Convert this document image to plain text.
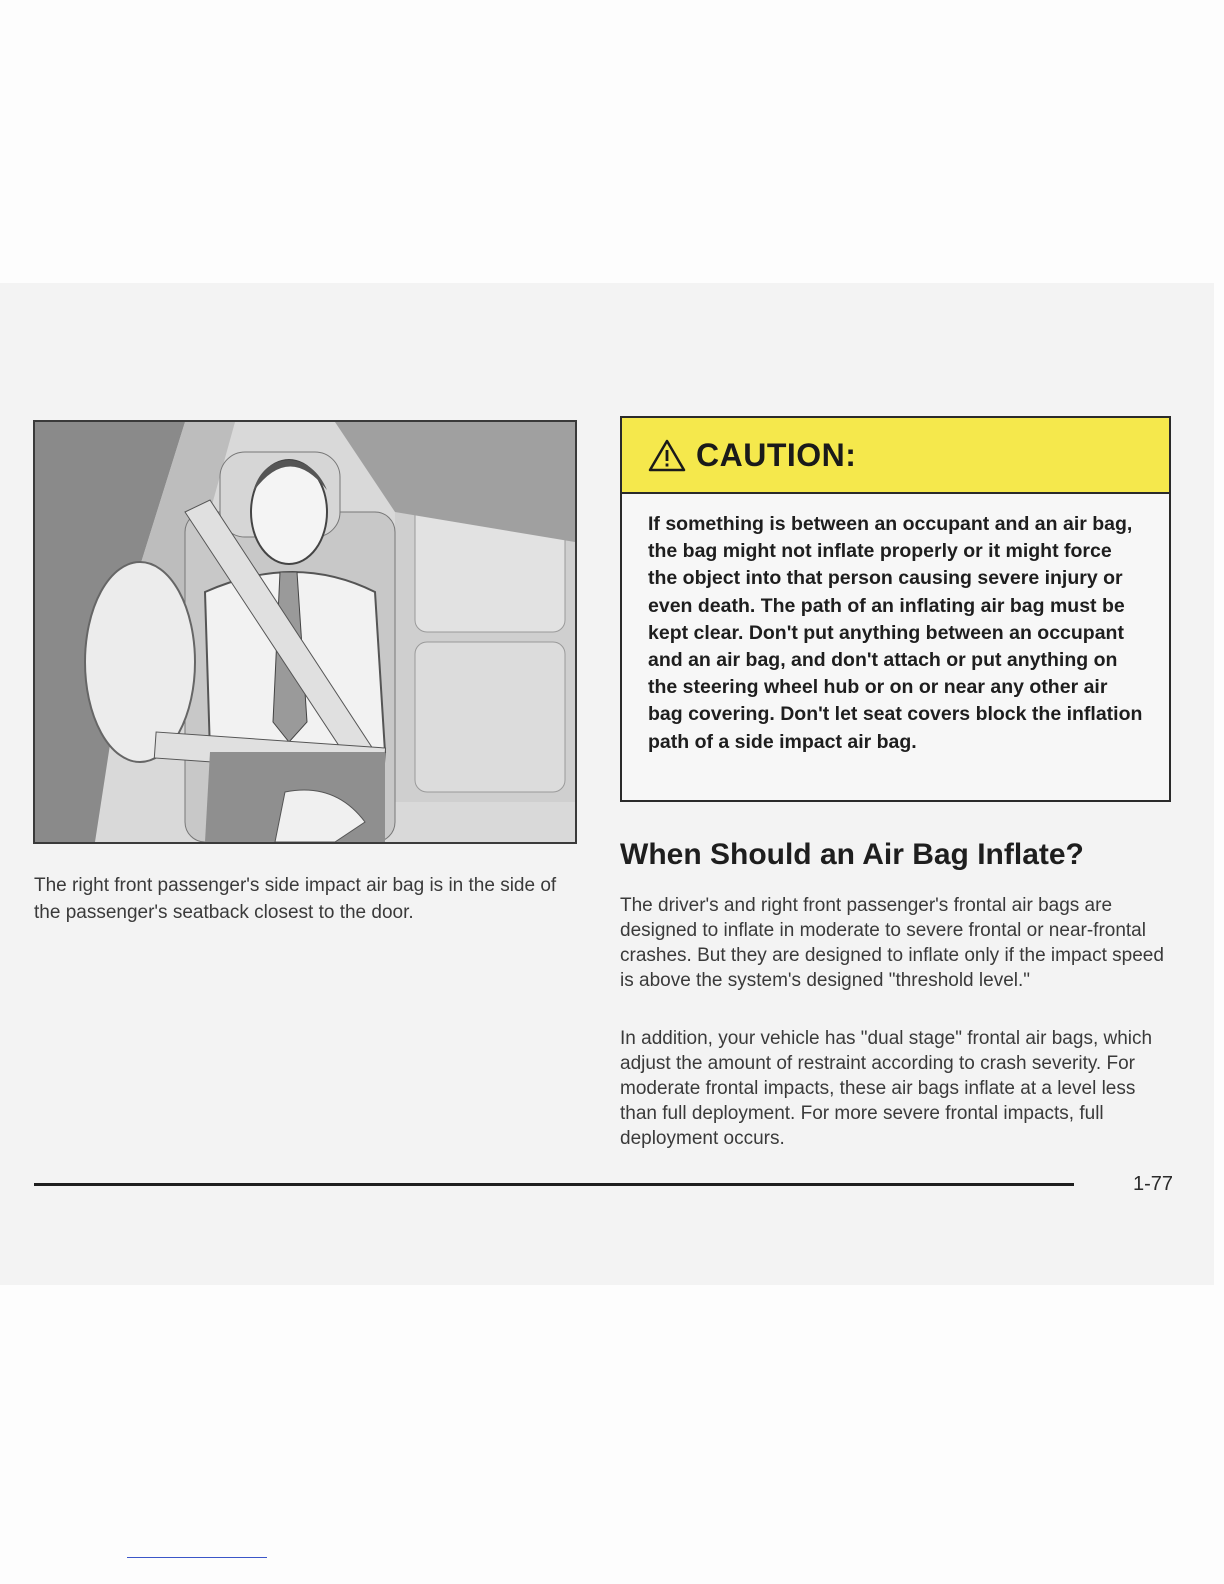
The right front passenger's side impact air bag is in the side of the passenger's seatback closest to the door.
CAUTION:
If something is between an occupant and an air bag, the bag might not inflate properly or it might force the object into that person causing severe injury or even death. The path of an inflating air bag must be kept clear. Don't put anything between an occupant and an air bag, and don't attach or put anything on the steering wheel hub or on or near any other air bag covering. Don't let seat covers block the inflation path of a side impact air bag.
When Should an Air Bag Inflate?

The driver's and right front passenger's frontal air bags are designed to inflate in moderate to severe frontal or near-frontal crashes. But they are designed to inflate only if the impact speed is above the system's designed "threshold level."

In addition, your vehicle has "dual stage" frontal air bags, which adjust the amount of restraint according to crash severity. For moderate frontal impacts, these air bags inflate at a level less than full deployment. For more severe frontal impacts, full deployment occurs.

1-77
